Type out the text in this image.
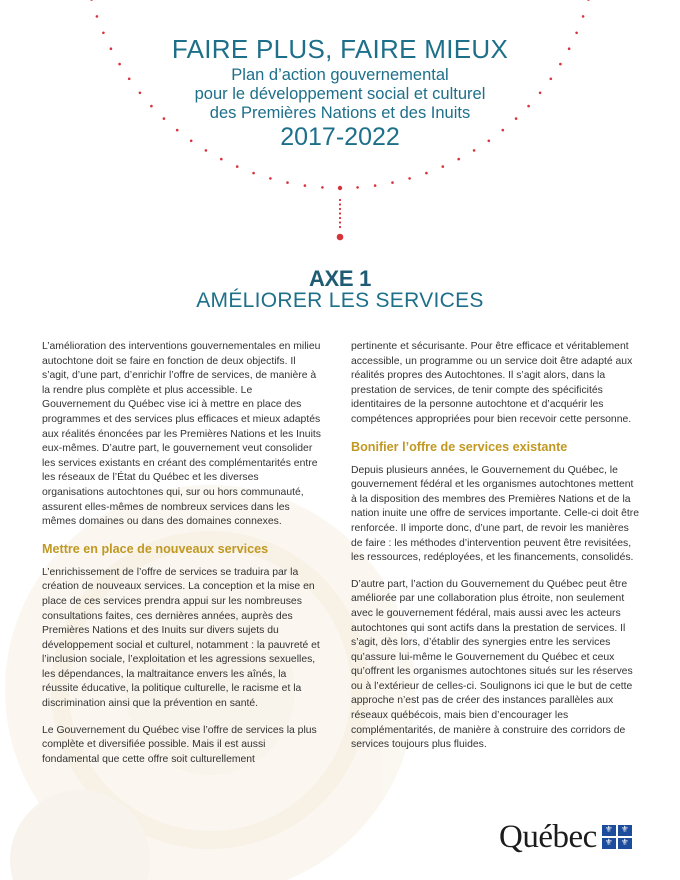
FAIRE PLUS, FAIRE MIEUX
Plan d’action gouvernemental
pour le développement social et culturel
des Premières Nations et des Inuits
2017-2022
AXE 1
AMÉLIORER LES SERVICES

L’amélioration des interventions gouvernementales en milieu autochtone doit se faire en fonction de deux objectifs. Il s’agit, d’une part, d’enrichir l’offre de services, de manière à la rendre plus complète et plus accessible. Le Gouvernement du Québec vise ici à mettre en place des programmes et des services plus efficaces et mieux adaptés aux réalités énoncées par les Premières Nations et les Inuits eux-mêmes. D’autre part, le gouvernement veut consolider les services existants en créant des complémentarités entre les réseaux de l’État du Québec et les diverses organisations autochtones qui, sur ou hors communauté, assurent elles-mêmes de nombreux services dans les mêmes domaines ou dans des domaines connexes.

Mettre en place de nouveaux services

L’enrichissement de l’offre de services se traduira par la création de nouveaux services. La conception et la mise en place de ces services prendra appui sur les nombreuses consultations faites, ces dernières années, auprès des Premières Nations et des Inuits sur divers sujets du développement social et culturel, notamment : la pauvreté et l’inclusion sociale, l’exploitation et les agressions sexuelles, les dépendances, la maltraitance envers les aînés, la réussite éducative, la politique culturelle, le racisme et la discrimination ainsi que la prévention en santé.

Le Gouvernement du Québec vise l’offre de services la plus complète et diversifiée possible. Mais il est aussi fondamental que cette offre soit culturellement

pertinente et sécurisante. Pour être efficace et véritablement accessible, un programme ou un service doit être adapté aux réalités propres des Autochtones. Il s’agit alors, dans la prestation de services, de tenir compte des spécificités identitaires de la personne autochtone et d’acquérir les compétences appropriées pour bien recevoir cette personne.

Bonifier l’offre de services existante

Depuis plusieurs années, le Gouvernement du Québec, le gouvernement fédéral et les organismes autochtones mettent à la disposition des membres des Premières Nations et de la nation inuite une offre de services importante. Celle-ci doit être renforcée. Il importe donc, d’une part, de revoir les manières de faire : les méthodes d’intervention peuvent être revisitées, les ressources, redéployées, et les financements, consolidés.

D’autre part, l’action du Gouvernement du Québec peut être améliorée par une collaboration plus étroite, non seulement avec le gouvernement fédéral, mais aussi avec les acteurs autochtones qui sont actifs dans la prestation de services. Il s’agit, dès lors, d’établir des synergies entre les services qu’assure lui-même le Gouvernement du Québec et ceux qu’offrent les organismes autochtones situés sur les réserves ou à l’extérieur de celles-ci. Soulignons ici que le but de cette approche n’est pas de créer des instances parallèles aux réseaux québécois, mais bien d’encourager les complémentarités, de manière à construire des corridors de services toujours plus fluides.

Québec ⚜ ⚜
⚜ ⚜
